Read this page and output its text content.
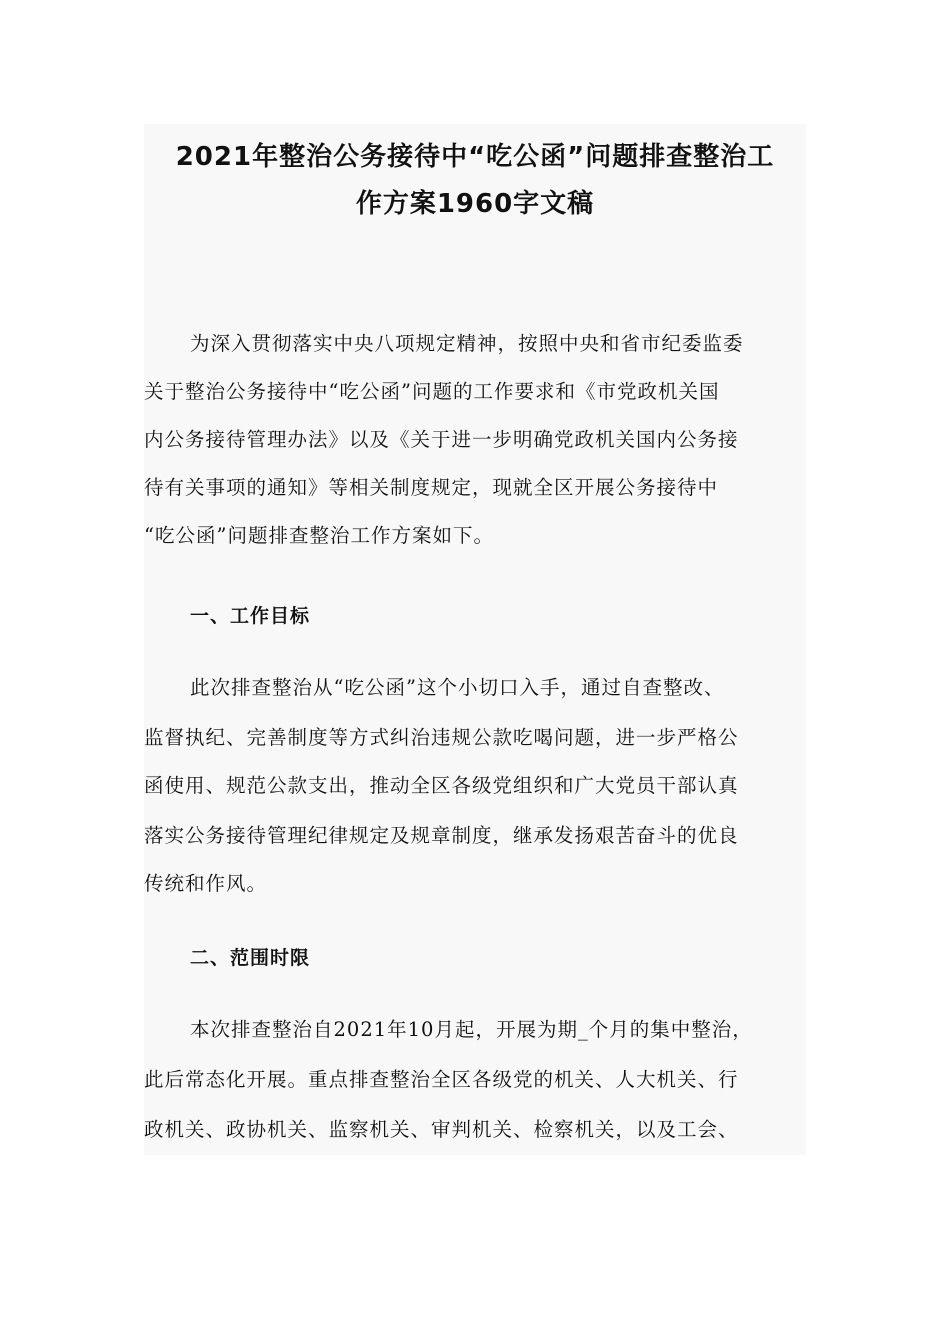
2021年整治公务接待中“吃公函”问题排查整治工
作方案1960字文稿

为深入贯彻落实中央八项规定精神，按照中央和省市纪委监委

关于整治公务接待中“吃公函”问题的工作要求和《市党政机关国

内公务接待管理办法》以及《关于进一步明确党政机关国内公务接

待有关事项的通知》等相关制度规定，现就全区开展公务接待中

“吃公函”问题排查整治工作方案如下。

一、工作目标

此次排查整治从“吃公函”这个小切口入手，通过自查整改、

监督执纪、完善制度等方式纠治违规公款吃喝问题，进一步严格公

函使用、规范公款支出，推动全区各级党组织和广大党员干部认真

落实公务接待管理纪律规定及规章制度，继承发扬艰苦奋斗的优良

传统和作风。

二、范围时限

本次排查整治自2021年10月起，开展为期_个月的集中整治，

此后常态化开展。重点排查整治全区各级党的机关、人大机关、行

政机关、政协机关、监察机关、审判机关、检察机关，以及工会、
